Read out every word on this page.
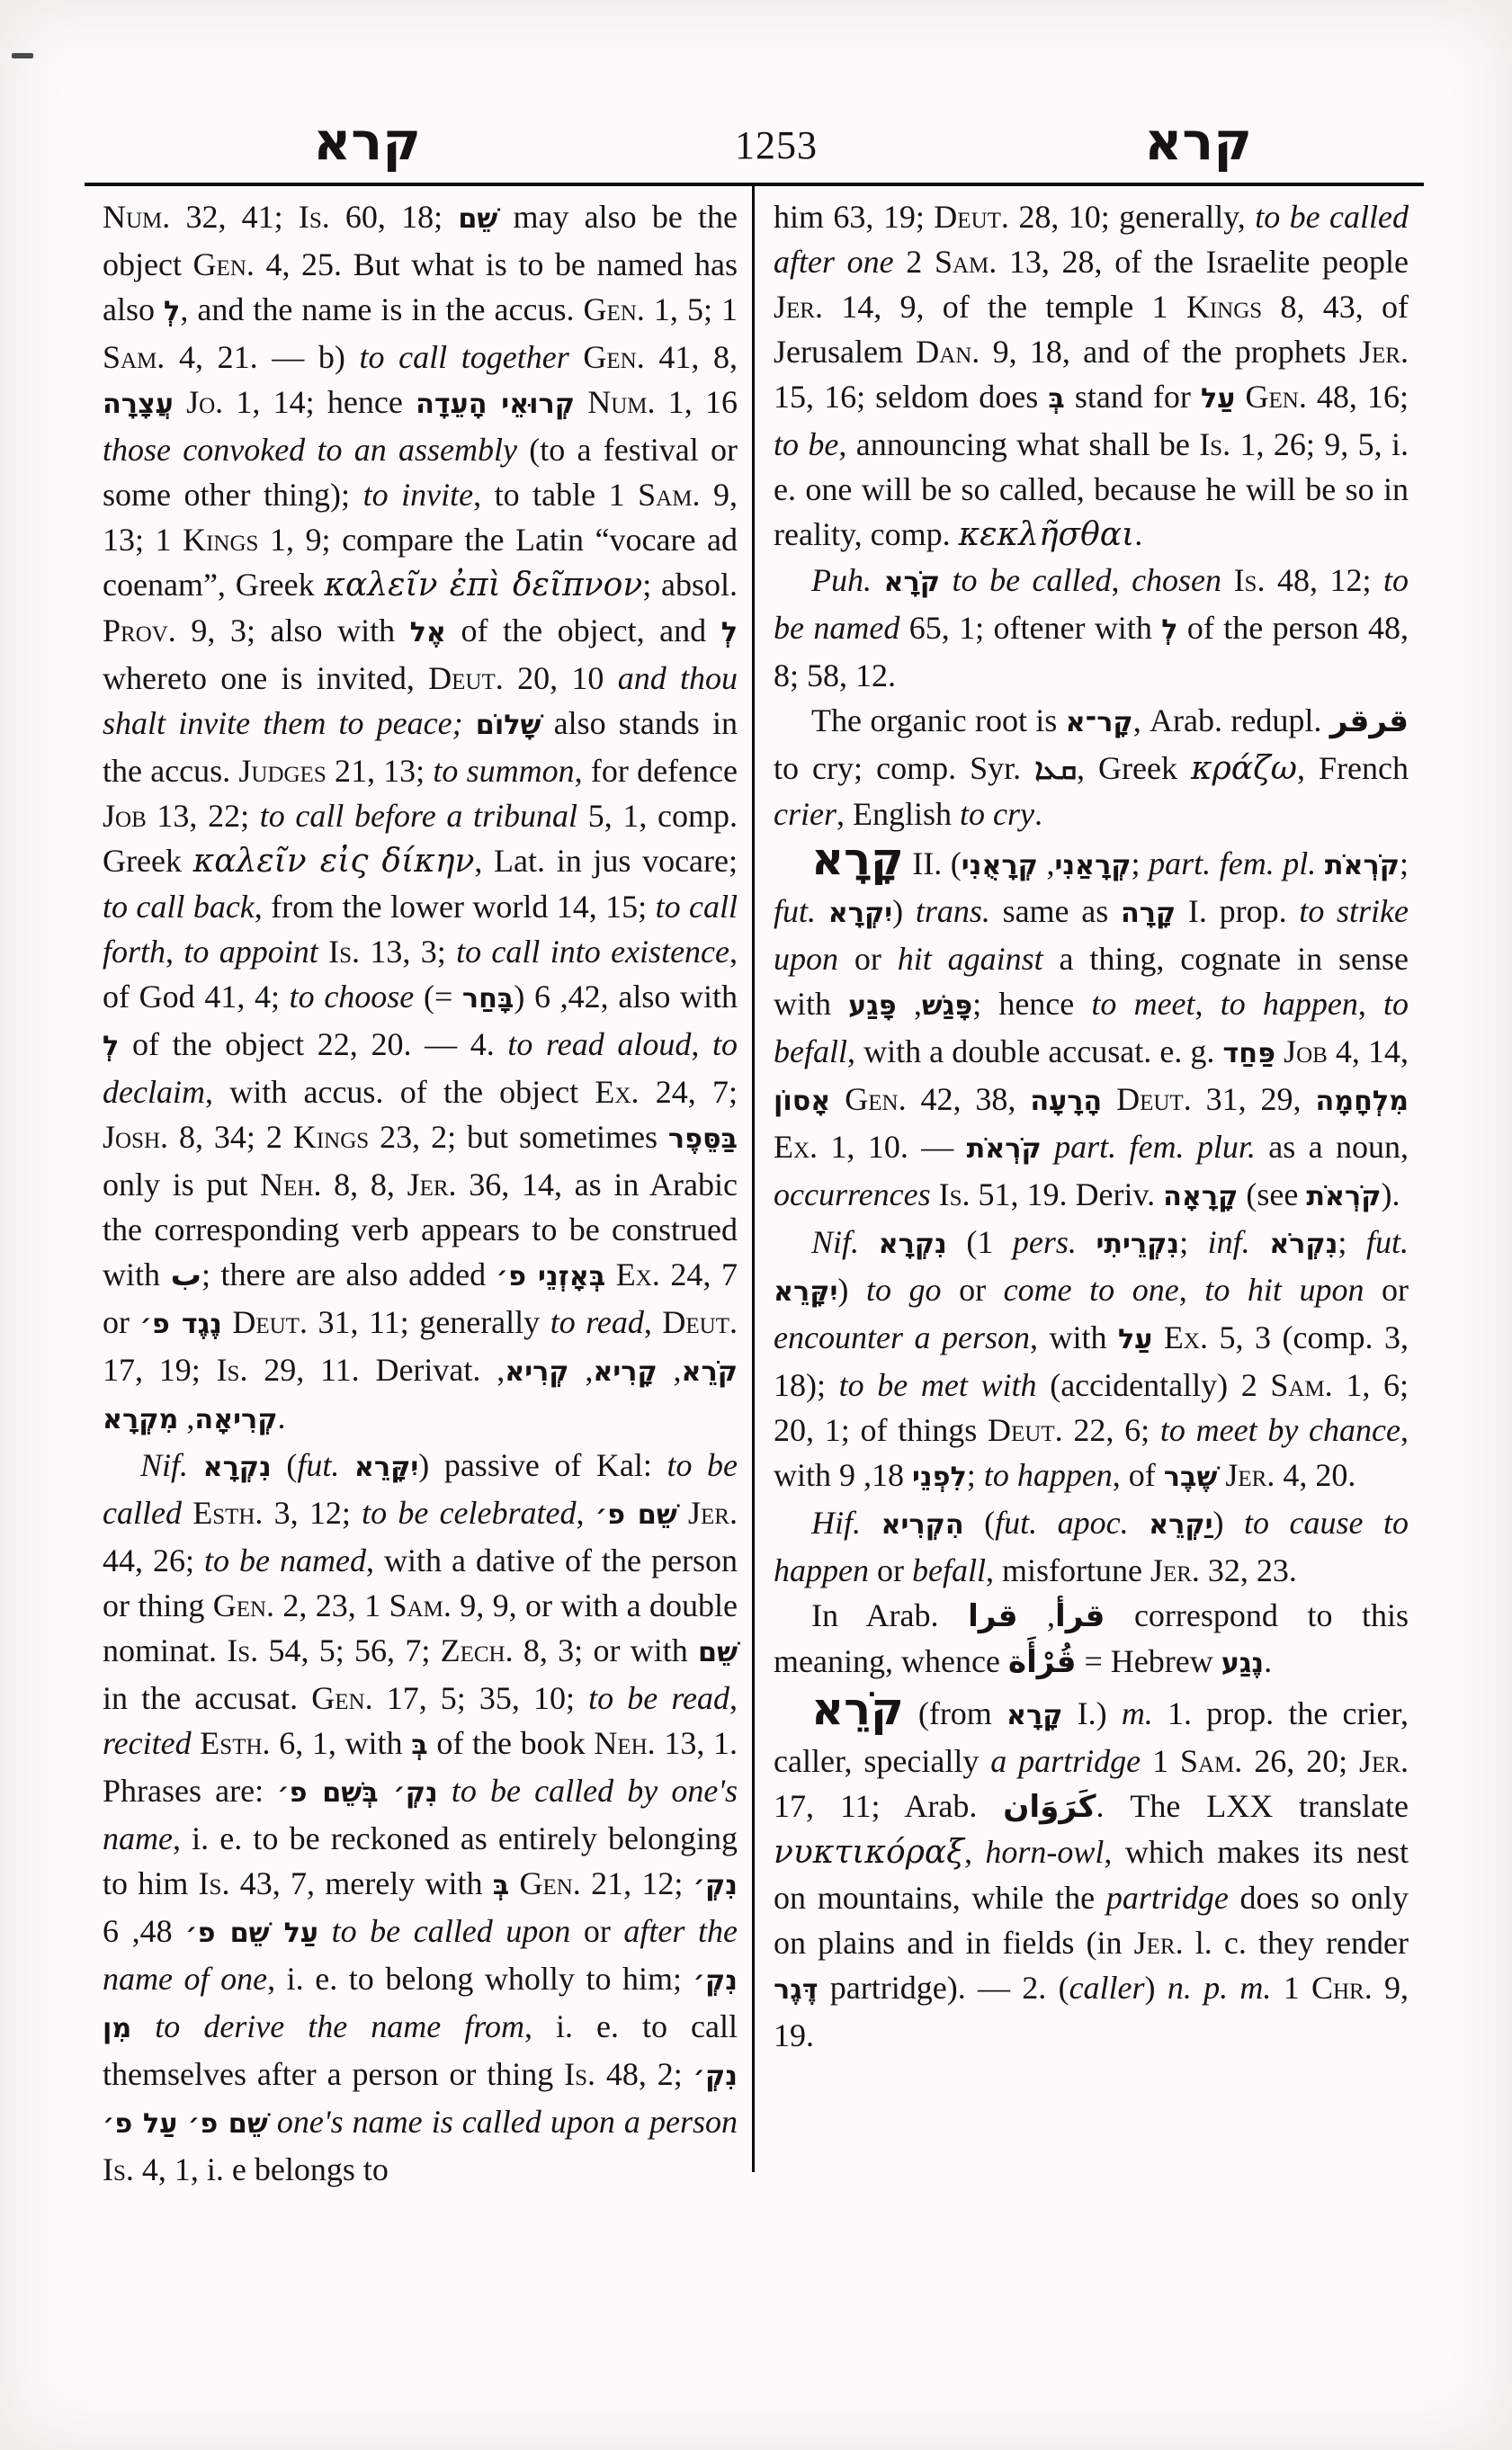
קרא	1253	קרא

Num. 32, 41; Is. 60, 18; שֵׁם may also be the object Gen. 4, 25. But what is to be named has also לְ, and the name is in the accus. Gen. 1, 5; 1 Sam. 4, 21. — b) to call together Gen. 41, 8, עֲצָרָה Jo. 1, 14; hence קְרוּאֵי הָעֵדָה Num. 1, 16 those convoked to an assembly (to a festival or some other thing); to invite, to table 1 Sam. 9, 13; 1 Kings 1, 9; compare the Latin “vocare ad coenam”, Greek καλεῖν ἐπὶ δεῖπνον; absol. Prov. 9, 3; also with אֶל of the object, and לְ whereto one is invited, Deut. 20, 10 and thou shalt invite them to peace; שָׁלוֹם also stands in the accus. Judges 21, 13; to summon, for defence Job 13, 22; to call before a tribunal 5, 1, comp. Greek καλεῖν εἰς δίκην, Lat. in jus vocare; to call back, from the lower world 14, 15; to call forth, to appoint Is. 13, 3; to call into existence, of God 41, 4; to choose (= בָּחַר) 42, 6, also with לְ of the object 22, 20. — 4. to read aloud, to declaim, with accus. of the object Ex. 24, 7; Josh. 8, 34; 2 Kings 23, 2; but sometimes בַּסֵּפֶר only is put Neh. 8, 8, Jer. 36, 14, as in Arabic the corresponding verb appears to be construed with ب; there are also added בְּאָזְנֵי פ׳ Ex. 24, 7 or נֶגֶד פ׳ Deut. 31, 11; generally to read, Deut. 17, 19; Is. 29, 11. Derivat.	קֹרֵא, קָרִיא, קְרִיא, קְרִיאָה, מִקְרָא	.

Nif. נִקְרָא (fut. יִקָּרֵא) passive of Kal: to be called Esth. 3, 12; to be celebrated, שֵׁם פ׳ Jer. 44, 26; to be named, with a dative of the person or thing Gen. 2, 23, 1 Sam. 9, 9, or with a double nominat. Is. 54, 5; 56, 7; Zech. 8, 3; or with שֵׁם in the accusat. Gen. 17, 5; 35, 10; to be read, recited Esth. 6, 1, with בְּ of the book Neh. 13, 1. Phrases are: נִקְ׳ בְּשֵׁם פ׳ to be called by one's name, i. e. to be reckoned as entirely belonging to him Is. 43, 7, merely with בְּ Gen. 21, 12; נִקְ׳ עַל שֵׁם פ׳ 48, 6 to be called upon or after the name of one, i. e. to belong wholly to him; נִקְ׳ מִן to derive the name from, i. e. to call themselves after a person or thing Is. 48, 2; נִקְ׳ שֵׁם פ׳ עַל פ׳ one's name is called upon a person Is. 4, 1, i. e belongs to

him 63, 19; Deut. 28, 10; generally, to be called after one 2 Sam. 13, 28, of the Israelite people Jer. 14, 9, of the temple 1 Kings 8, 43, of Jerusalem Dan. 9, 18, and of the prophets Jer. 15, 16; seldom does בְּ stand for עַל Gen. 48, 16; to be, announcing what shall be Is. 1, 26; 9, 5, i. e. one will be so called, because he will be so in reality, comp. κεκλῆσθαι.

Puh. קֹרָא to be called, chosen Is. 48, 12; to be named 65, 1; oftener with לְ of the person 48, 8; 58, 12.

The organic root is קָר־א, Arab. redupl. قرقر to cry; comp. Syr. ܩܥܐ, Greek κράζω, French crier, English to cry.

קָרָא II. (	קְרָאַנִי, קְרָאֻנִי	; part. fem. pl. קֹרְאֹת; fut. יִקְרָא) trans. same as קָרָה I. prop. to strike upon or hit against a thing, cognate in sense with	פָּגַשׁ, פָּגַע ; hence to meet, to happen, to befall, with a double accusat. e. g. פַּחַד Job 4, 14, אָסוֹן Gen. 42, 38, הָרָעָה Deut. 31, 29, מִלְחָמָה Ex. 1, 10. — קֹרְאֹת part. fem. plur. as a noun, occurrences Is. 51, 19. Deriv. קָרָאָה (see קֹרְאֹת).

Nif. נִקְרָא (1 pers. נִקְרֵיתִי; inf. נִקְרֹא; fut. יִקָּרֵא) to go or come to one, to hit upon or encounter a person, with עַל Ex. 5, 3 (comp. 3, 18); to be met with (accidentally) 2 Sam. 1, 6; 20, 1; of things Deut. 22, 6; to meet by chance, with	לִפְנֵי 18, 9; to happen, of שֶׁבֶר Jer. 4, 20.

Hif. הִקְרִיא (fut. apoc. יַקְרֵא) to cause to happen or befall, misfortune Jer. 32, 23.

In Arab.	قرأ, قرا	correspond to this meaning, whence قُرْأَة = Hebrew נֶגַע.

קֹרֵא (from קָרָא I.) m. 1. prop. the crier, caller, specially a partridge 1 Sam. 26, 20; Jer. 17, 11; Arab. كَرَوَان. The LXX translate νυκτικόραξ, horn-owl, which makes its nest on mountains, while the partridge does so only on plains and in fields (in Jer. l. c. they render דֶּגֶר partridge). — 2. (caller) n. p. m. 1 Chr. 9, 19.
